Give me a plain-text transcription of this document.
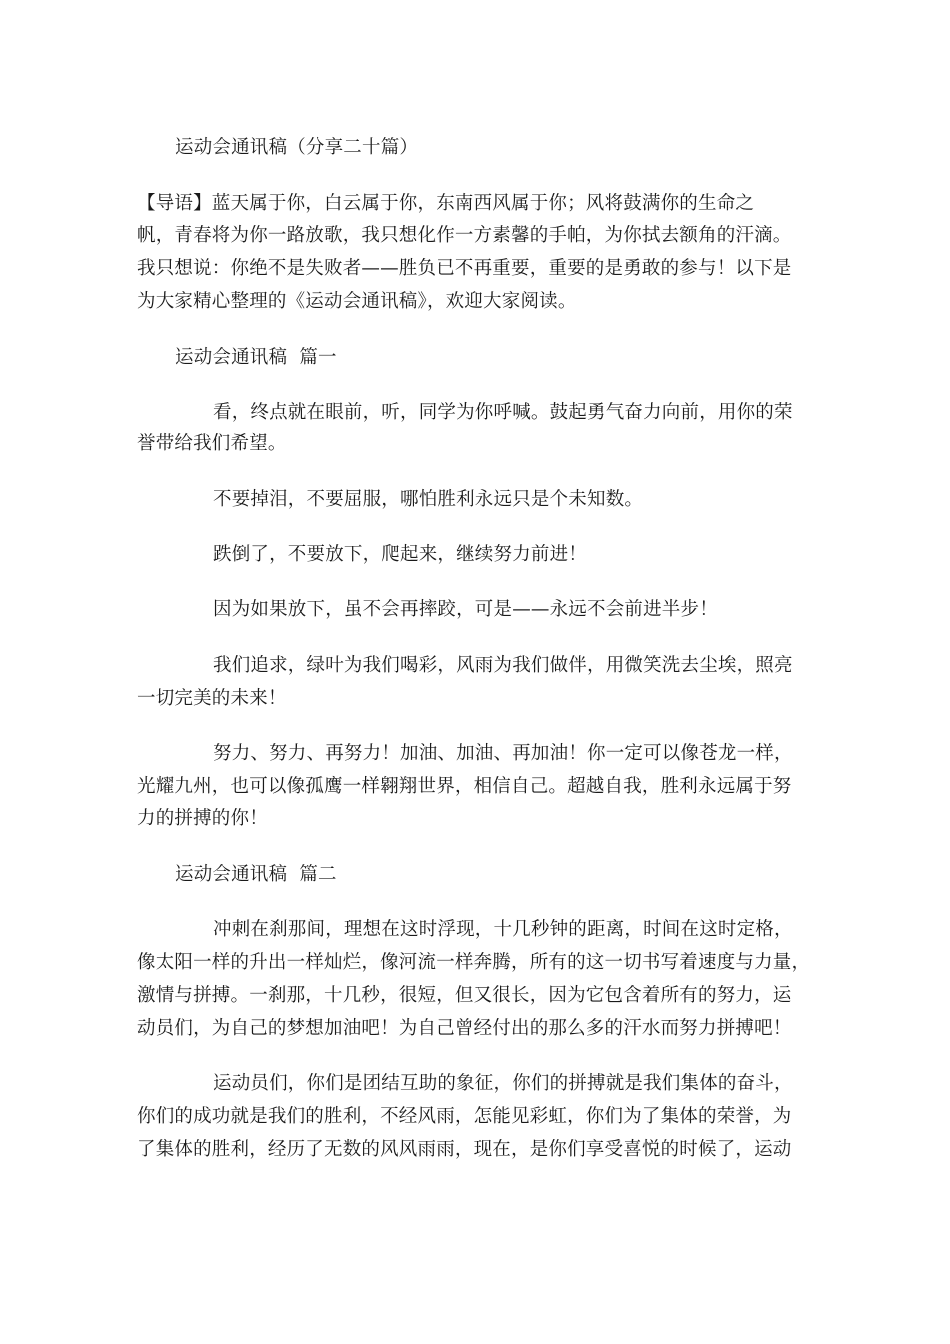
运动会通讯稿（分享二十篇）
【导语】蓝天属于你，白云属于你，东南西风属于你；风将鼓满你的生命之
帆，青春将为你一路放歌，我只想化作一方素馨的手帕，为你拭去额角的汗滴。
我只想说：你绝不是失败者——胜负已不再重要，重要的是勇敢的参与！以下是
为大家精心整理的《运动会通讯稿》，欢迎大家阅读。
运动会通讯稿  篇一
看，终点就在眼前，听，同学为你呼喊。鼓起勇气奋力向前，用你的荣
誉带给我们希望。
不要掉泪，不要屈服，哪怕胜利永远只是个未知数。
跌倒了，不要放下，爬起来，继续努力前进！
因为如果放下，虽不会再摔跤，可是——永远不会前进半步！
我们追求，绿叶为我们喝彩，风雨为我们做伴，用微笑洗去尘埃，照亮
一切完美的未来！
努力、努力、再努力！加油、加油、再加油！你一定可以像苍龙一样，
光耀九州，也可以像孤鹰一样翱翔世界，相信自己。超越自我，胜利永远属于努
力的拼搏的你！
运动会通讯稿  篇二
冲刺在刹那间，理想在这时浮现，十几秒钟的距离，时间在这时定格，
像太阳一样的升出一样灿烂，像河流一样奔腾，所有的这一切书写着速度与力量，
激情与拼搏。一刹那，十几秒，很短，但又很长，因为它包含着所有的努力，运
动员们，为自己的梦想加油吧！为自己曾经付出的那么多的汗水而努力拼搏吧！
运动员们，你们是团结互助的象征，你们的拼搏就是我们集体的奋斗，
你们的成功就是我们的胜利，不经风雨，怎能见彩虹，你们为了集体的荣誉，为
了集体的胜利，经历了无数的风风雨雨，现在，是你们享受喜悦的时候了，运动
